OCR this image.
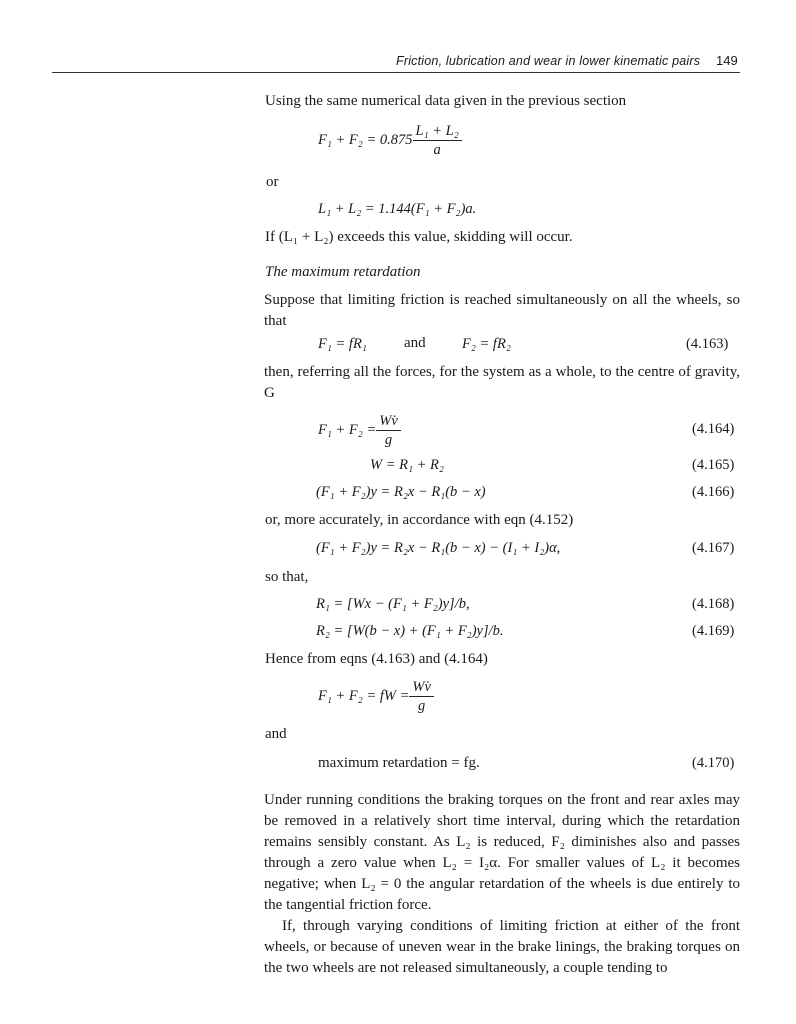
Friction, lubrication and wear in lower kinematic pairs 149
Using the same numerical data given in the previous section
$F_1 + F_2 = 0.875 \frac{\text{L₁ + L₂}}{a}$
or
L₁ + L₂ = 1.144(F₁ + F₂)a.
If (L₁ + L₂) exceeds this value, skidding will occur.
The maximum retardation

Suppose that limiting friction is reached simultaneously on all the wheels, so that

F₁ = fR₁ and	F₂ = fR₂	(4.163)

then, referring all the forces, for the system as a whole, to the centre of gravity, G

$F_1 + F_2 = \frac{Wv̇}{g}$	(4.164)
W = R₁ + R₂	(4.165)
(F₁ + F₂)y = R₂x − R₁(b − x)	(4.166)
or, more accurately, in accordance with eqn (4.152)
(F₁ + F₂)y = R₂x − R₁(b − x) − (I₁ + I₂)α,	(4.167)
so that,
R₁ = [Wx − (F₁ + F₂)y]/b,	(4.168)
R₂ = [W(b − x) + (F₁ + F₂)y]/b.	(4.169)
Hence from eqns (4.163) and (4.164)
F₁ + F₂ = fW = $\frac{Wv̇}{g}$
and
maximum retardation = fg.	(4.170)

Under running conditions the braking torques on the front and rear axles may be removed in a relatively short time interval, during which the retardation remains sensibly constant. As L₂ is reduced, F₂ diminishes also and passes through a zero value when L₂ = I₂α. For smaller values of L₂ it becomes negative; when L₂ = 0 the angular retardation of the wheels is due entirely to the tangential friction force.

If, through varying conditions of limiting friction at either of the front wheels, or because of uneven wear in the brake linings, the braking torques on the two wheels are not released simultaneously, a couple tending to
